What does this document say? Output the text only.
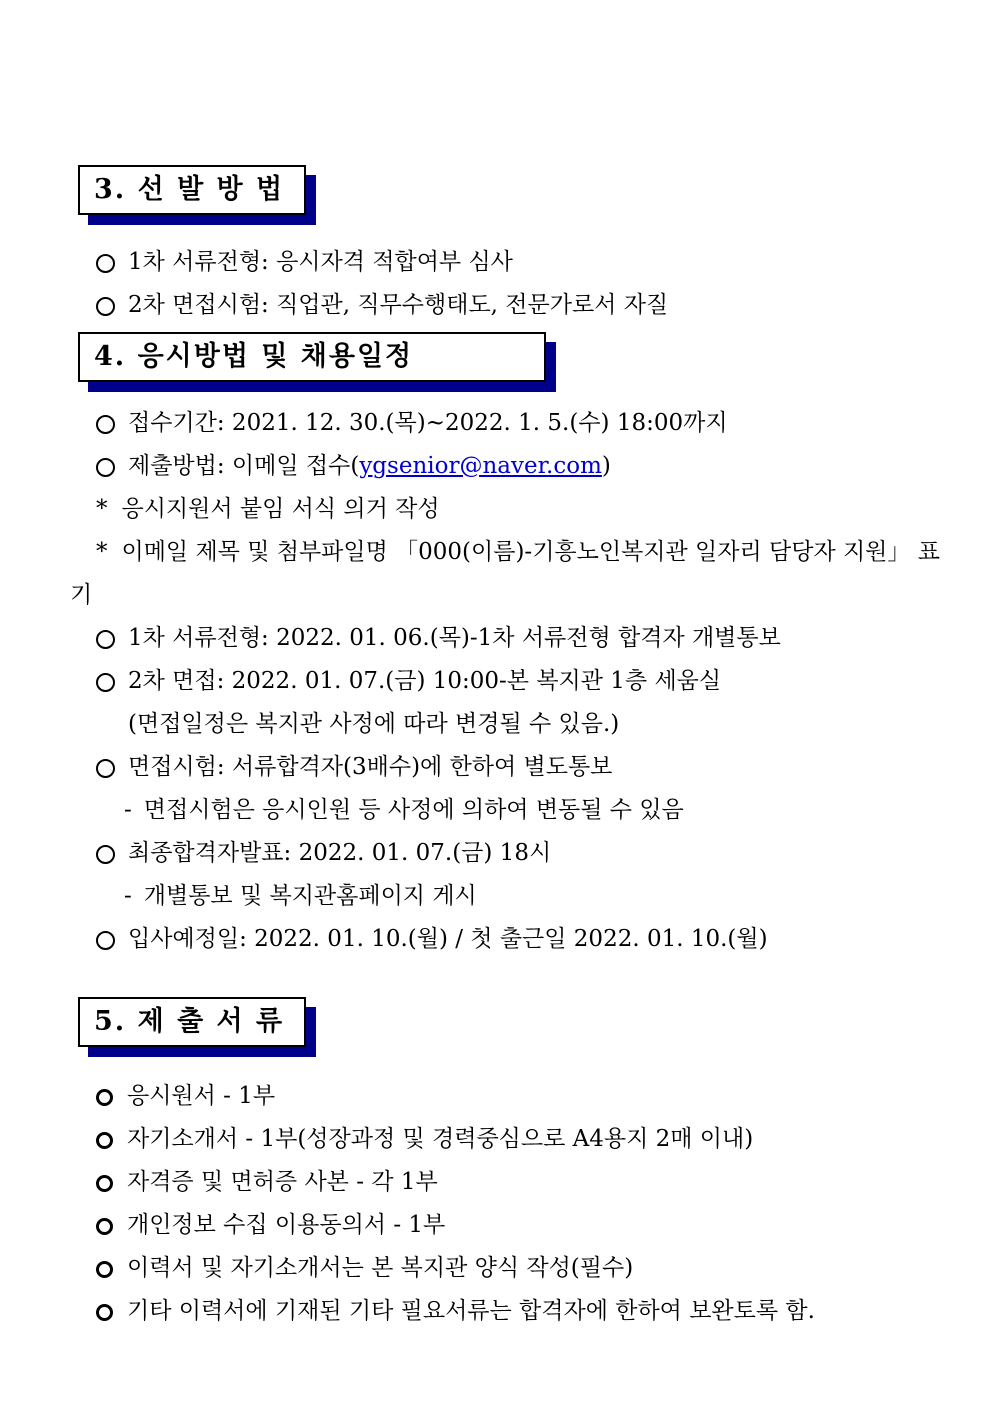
3. 선 발 방 법
1차 서류전형: 응시자격 적합여부 심사
2차 면접시험: 직업관, 직무수행태도, 전문가로서 자질
4. 응시방법 및 채용일정
접수기간: 2021. 12. 30.(목)~2022. 1. 5.(수) 18:00까지
제출방법: 이메일 접수(ygsenior@naver.com)
* 응시지원서 붙임 서식 의거 작성
* 이메일 제목 및 첨부파일명 「000(이름)-기흥노인복지관 일자리 담당자 지원」 표기
1차 서류전형: 2022. 01. 06.(목)-1차 서류전형 합격자 개별통보
2차 면접: 2022. 01. 07.(금) 10:00-본 복지관 1층 세움실
(면접일정은 복지관 사정에 따라 변경될 수 있음.)
면접시험: 서류합격자(3배수)에 한하여 별도통보
- 면접시험은 응시인원 등 사정에 의하여 변동될 수 있음
최종합격자발표: 2022. 01. 07.(금) 18시
- 개별통보 및 복지관홈페이지 게시
입사예정일: 2022. 01. 10.(월) / 첫 출근일 2022. 01. 10.(월)
5. 제 출 서 류
응시원서 - 1부
자기소개서 - 1부(성장과정 및 경력중심으로 A4용지 2매 이내)
자격증 및 면허증 사본 - 각 1부
개인정보 수집 이용동의서 - 1부
이력서 및 자기소개서는 본 복지관 양식 작성(필수)
기타 이력서에 기재된 기타 필요서류는 합격자에 한하여 보완토록 함.
